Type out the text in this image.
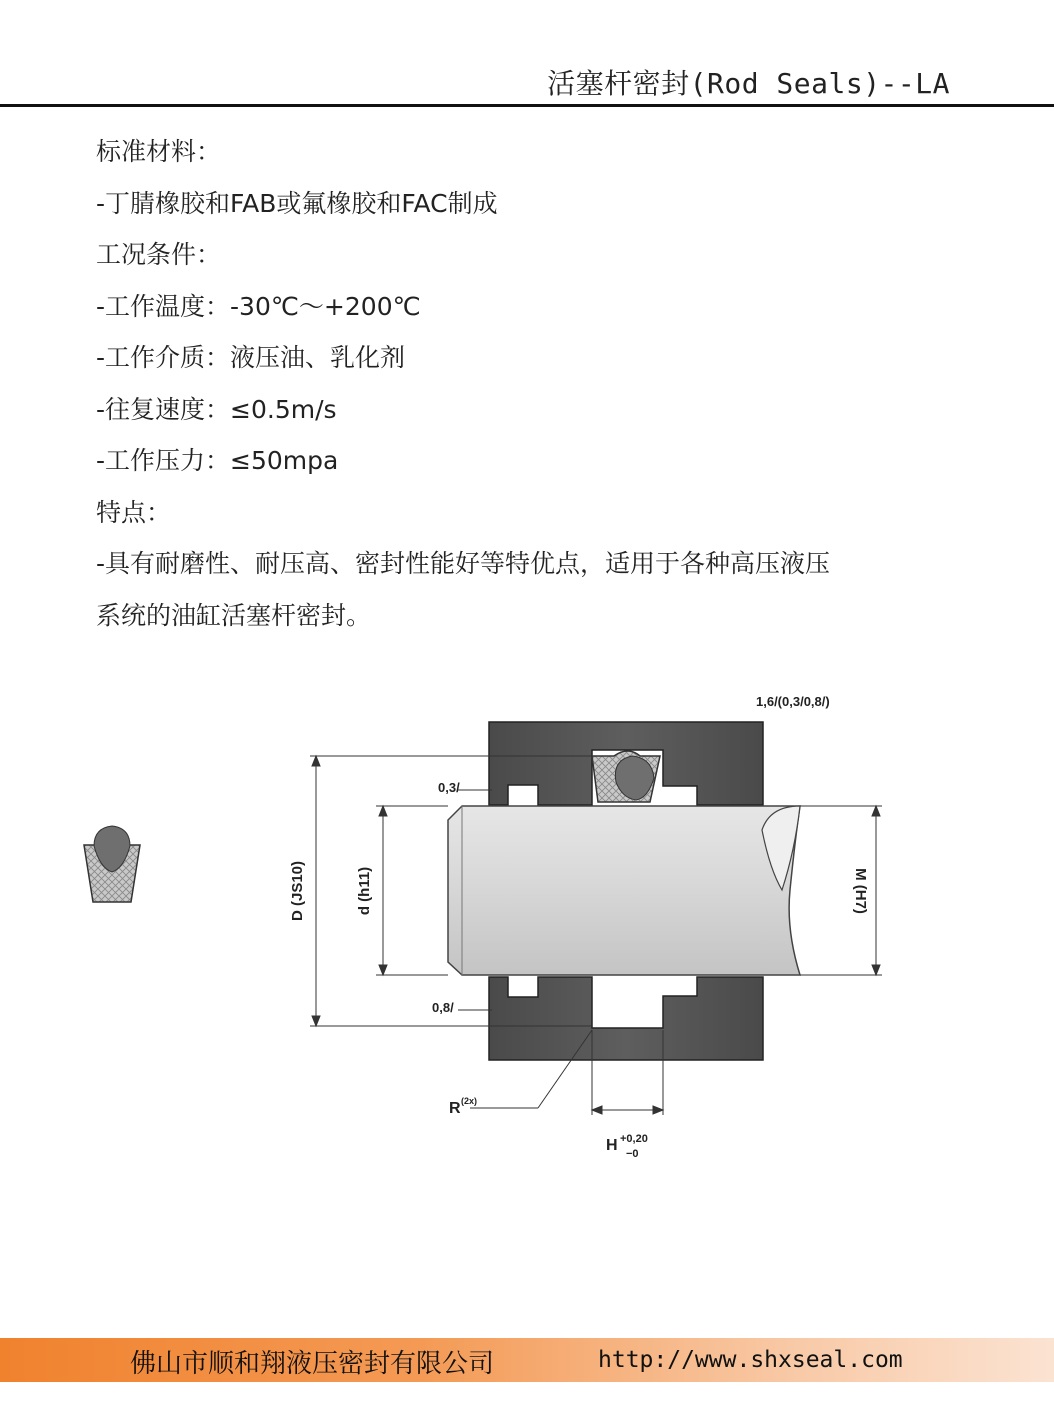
活塞杆密封(Rod Seals)--LA
标准材料：
-丁腈橡胶和FAB或氟橡胶和FAC制成
工况条件：
-工作温度：-30℃～+200℃
-工作介质：液压油、乳化剂
-往复速度：≤0.5m/s
-工作压力：≤50mpa
特点：
-具有耐磨性、耐压高、密封性能好等特优点，适用于各种高压液压
系统的油缸活塞杆密封。
1,6/(0,3/0,8/)
0,3/
0,8/
D (JS10)	d (h11)	M (H7)
R (2x)
H +0,20
−0
佛山市顺和翔液压密封有限公司	http://www.shxseal.com
